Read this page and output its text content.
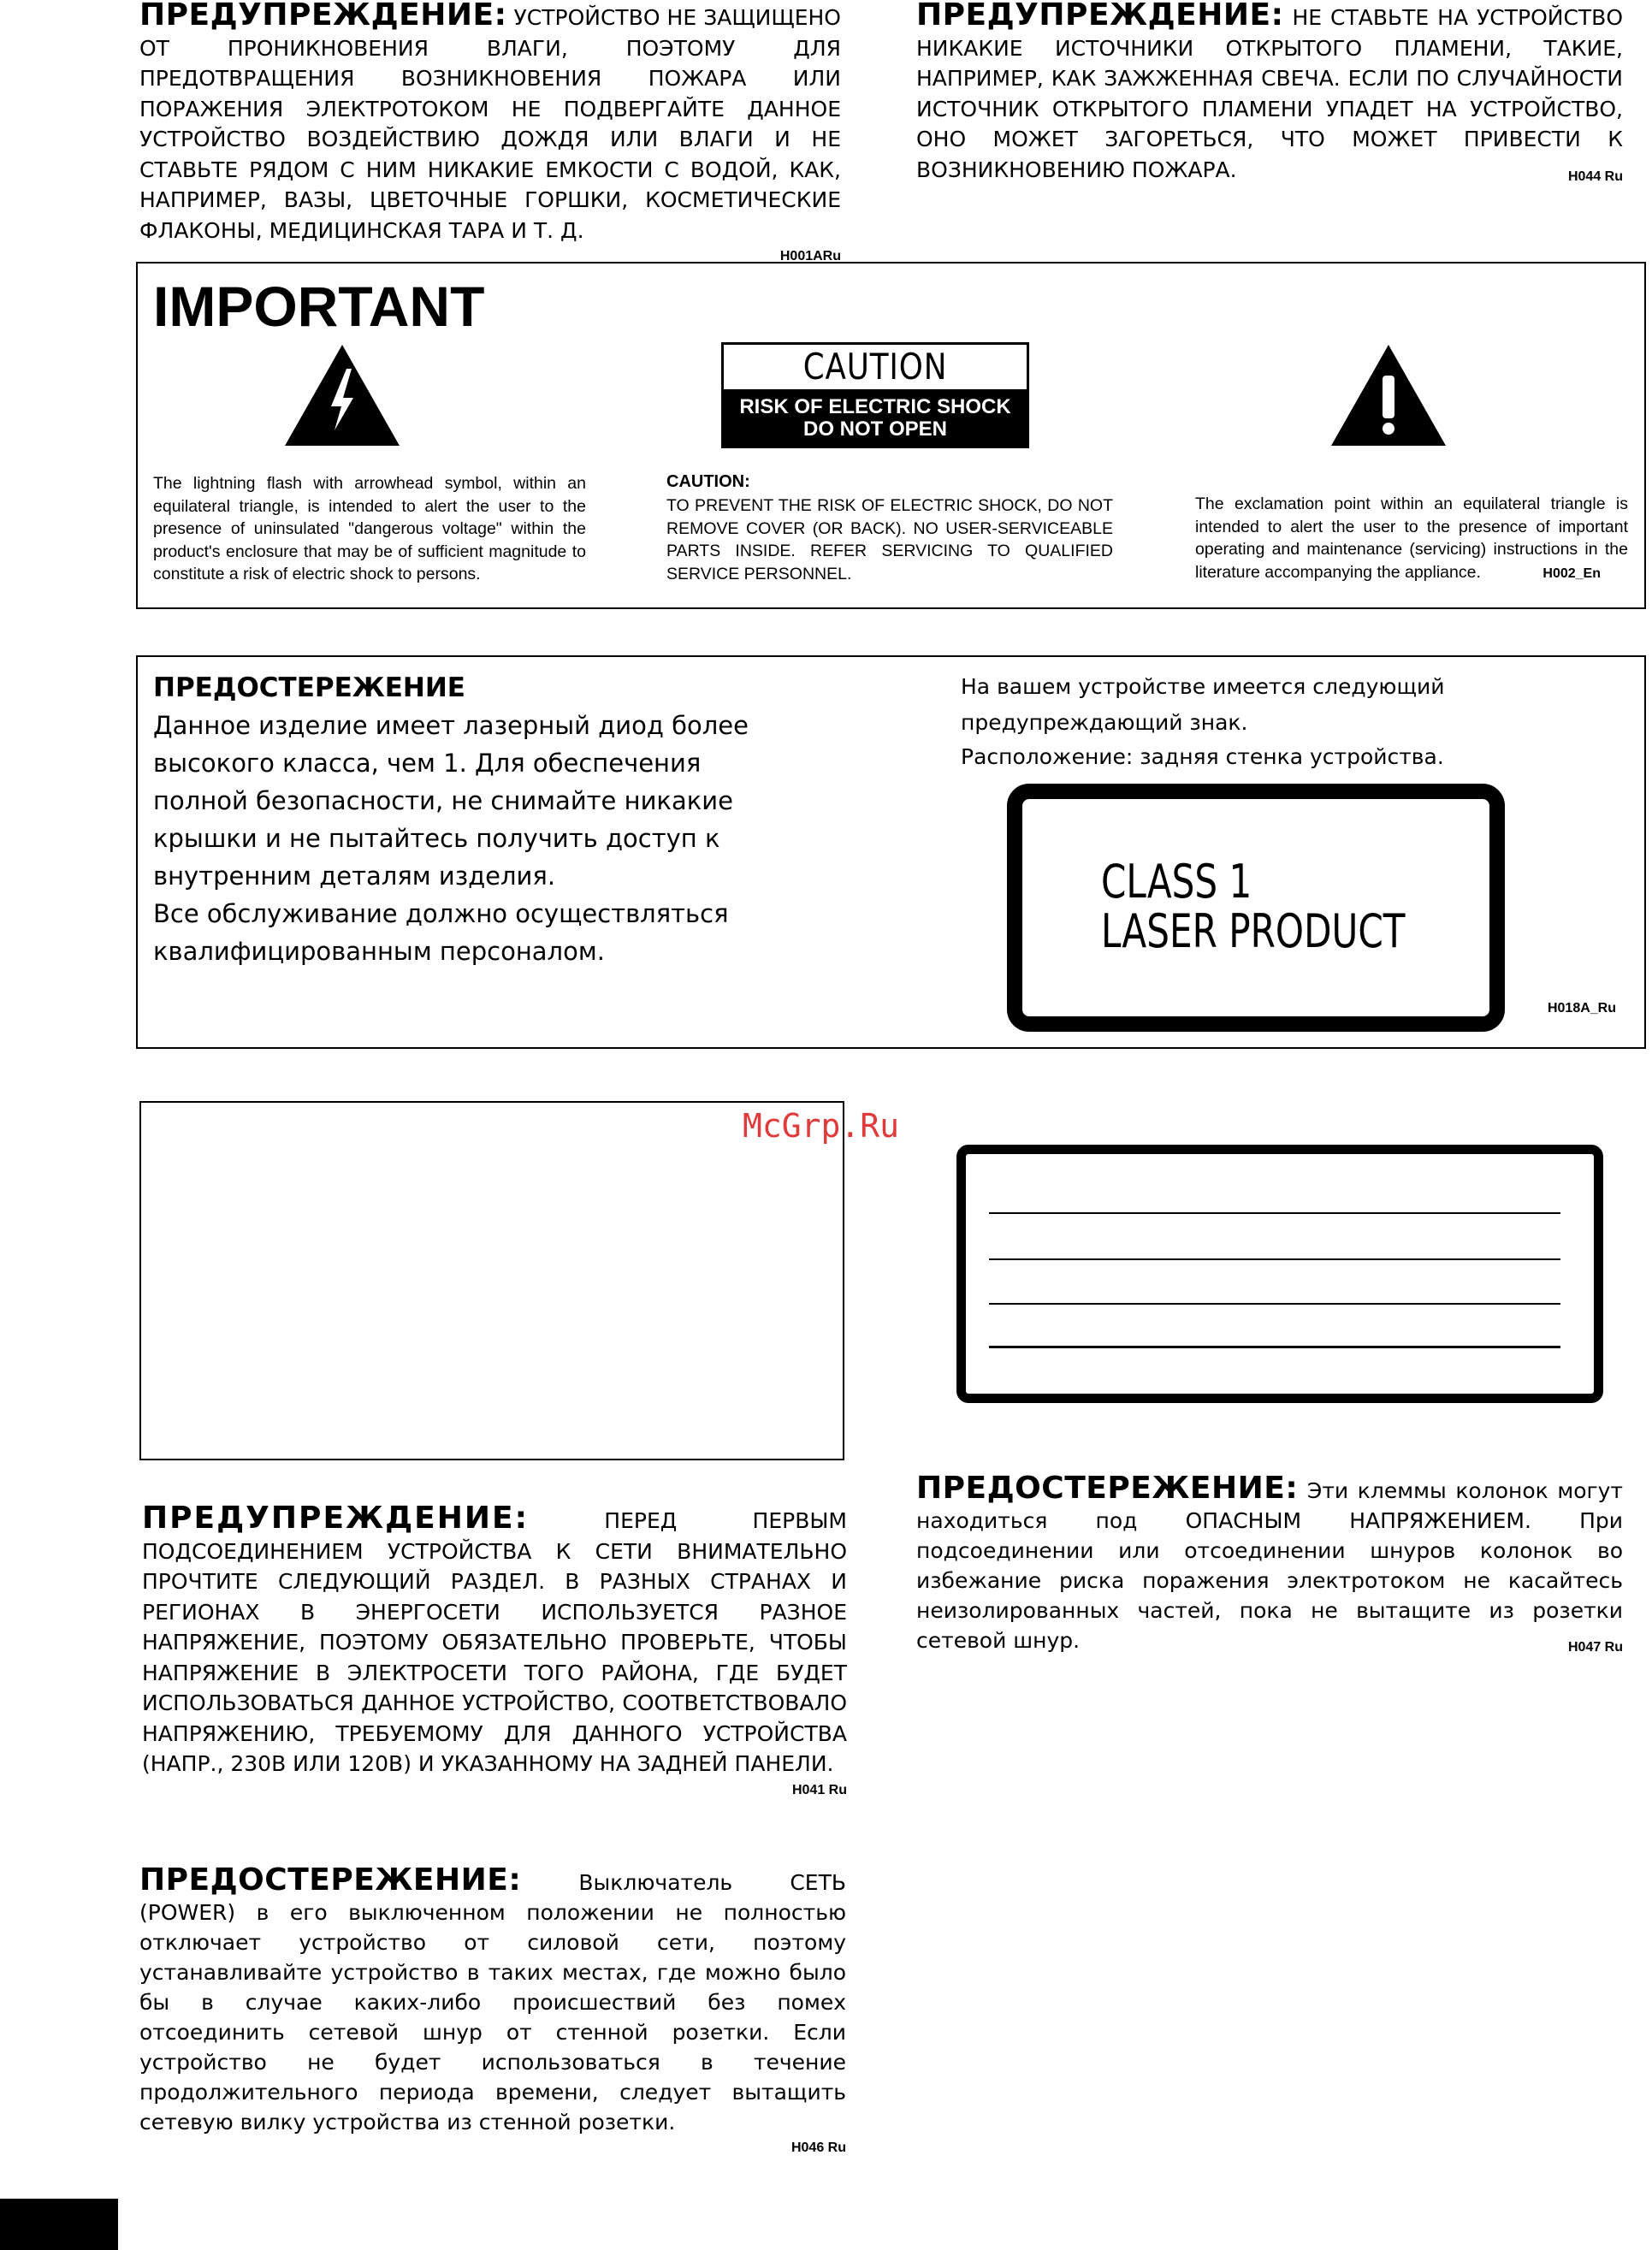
ПРЕДУПРЕЖДЕНИЕ: УСТРОЙСТВО НЕ ЗАЩИЩЕНО ОТ ПРОНИКНОВЕНИЯ ВЛАГИ, ПОЭТОМУ ДЛЯ ПРЕДОТВРАЩЕНИЯ ВОЗНИКНОВЕНИЯ ПОЖАРА ИЛИ ПОРАЖЕНИЯ ЭЛЕКТРОТОКОМ НЕ ПОДВЕРГАЙТЕ ДАННОЕ УСТРОЙСТВО ВОЗДЕЙСТВИЮ ДОЖДЯ ИЛИ ВЛАГИ И НЕ СТАВЬТЕ РЯДОМ С НИМ НИКАКИЕ ЕМКОСТИ С ВОДОЙ, КАК, НАПРИМЕР, ВАЗЫ, ЦВЕТОЧНЫЕ ГОРШКИ, КОСМЕТИЧЕСКИЕ ФЛАКОНЫ, МЕДИЦИНСКАЯ ТАРА И Т. Д.

H001ARu

ПРЕДУПРЕЖДЕНИЕ: НЕ СТАВЬТЕ НА УСТРОЙСТВО НИКАКИЕ ИСТОЧНИКИ ОТКРЫТОГО ПЛАМЕНИ, ТАКИЕ, НАПРИМЕР, КАК ЗАЖЖЕННАЯ СВЕЧА. ЕСЛИ ПО СЛУЧАЙНОСТИ ИСТОЧНИК ОТКРЫТОГО ПЛАМЕНИ УПАДЕТ НА УСТРОЙСТВО, ОНО МОЖЕТ ЗАГОРЕТЬСЯ, ЧТО МОЖЕТ ПРИВЕСТИ К ВОЗНИКНОВЕНИЮ ПОЖАРА.	H044 Ru

IMPORTANT

The lightning flash with arrowhead symbol, within an equilateral triangle, is intended to alert the user to the presence of uninsulated "dangerous voltage" within the product's enclosure that may be of sufficient magnitude to constitute a risk of electric shock to persons.

CAUTION
RISK OF ELECTRIC SHOCK
DO NOT OPEN
CAUTION:

TO PREVENT THE RISK OF ELECTRIC SHOCK, DO NOT REMOVE COVER (OR BACK). NO USER-SERVICEABLE PARTS INSIDE. REFER SERVICING TO QUALIFIED SERVICE PERSONNEL.

The exclamation point within an equilateral triangle is intended to alert the user to the presence of important operating and maintenance (servicing) instructions in the literature accompanying the appliance.	H002_En
ПРЕДОСТЕРЕЖЕНИЕ

Данное изделие имеет лазерный диод более высокого класса, чем 1. Для обеспечения полной безопасности, не снимайте никакие крышки и не пытайтесь получить доступ к внутренним деталям изделия.

Все обслуживание должно осуществляться квалифицированным персоналом.

На вашем устройстве имеется следующий предупреждающий знак.

Расположение: задняя стенка устройства.

CLASS 1
LASER PRODUCT
H018A_Ru
McGrp.Ru

ПРЕДУПРЕЖДЕНИЕ:	ПЕРЕД ПЕРВЫМ ПОДСОЕДИНЕНИЕМ УСТРОЙСТВА К СЕТИ ВНИМАТЕЛЬНО ПРОЧТИТЕ СЛЕДУЮЩИЙ РАЗДЕЛ. В РАЗНЫХ СТРАНАХ И РЕГИОНАХ В ЭНЕРГОСЕТИ ИСПОЛЬЗУЕТСЯ РАЗНОЕ НАПРЯЖЕНИЕ, ПОЭТОМУ ОБЯЗАТЕЛЬНО ПРОВЕРЬТЕ, ЧТОБЫ НАПРЯЖЕНИЕ В ЭЛЕКТРОСЕТИ ТОГО РАЙОНА, ГДЕ БУДЕТ ИСПОЛЬЗОВАТЬСЯ ДАННОЕ УСТРОЙСТВО, СООТВЕТСТВОВАЛО НАПРЯЖЕНИЮ, ТРЕБУЕМОМУ ДЛЯ ДАННОГО УСТРОЙСТВА (НАПР., 230В ИЛИ 120В) И УКАЗАННОМУ НА ЗАДНЕЙ ПАНЕЛИ.

H041 Ru

ПРЕДОСТЕРЕЖЕНИЕ: Эти клеммы колонок могут находиться под ОПАСНЫМ НАПРЯЖЕНИЕМ. При подсоединении или отсоединении шнуров колонок во избежание риска поражения электротоком не касайтесь неизолированных частей, пока не вытащите из розетки сетевой шнур.	H047 Ru

ПРЕДОСТЕРЕЖЕНИЕ:	Выключатель СЕТЬ (POWER) в его выключенном положении не полностью отключает устройство от силовой сети, поэтому устанавливайте устройство в таких местах, где можно было бы в случае каких-либо происшествий без помех отсоединить сетевой шнур от стенной розетки. Если устройство не будет использоваться в течение продолжительного периода времени, следует вытащить сетевую вилку устройства из стенной розетки.

H046 Ru
